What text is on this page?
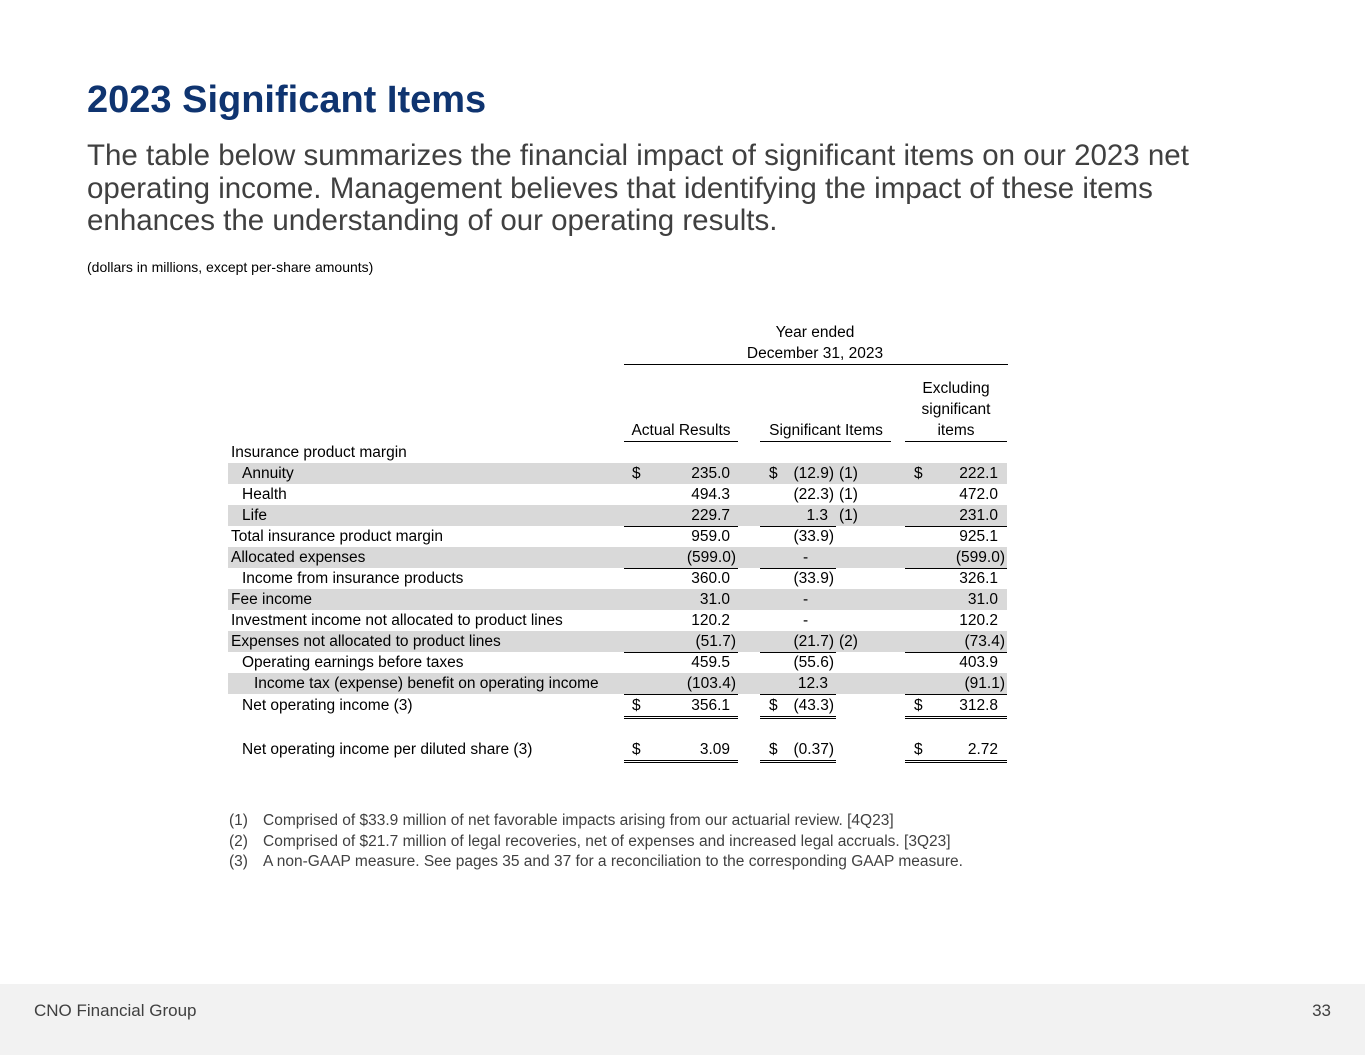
2023 Significant Items

The table below summarizes the financial impact of significant items on our 2023 net operating income. Management believes that identifying the impact of these items enhances the understanding of our operating results.

(dollars in millions, except per-share amounts)
Year ended
December 31, 2023
Excluding
significant
Actual Results	Significant Items	items
Insurance product margin
Annuity	$	235.0	$	(12.9) (1)	$	222.1
Health	494.3	(22.3) (1)	472.0
Life	229.7	1.3 (1)	231.0
Total insurance product margin	959.0	(33.9)	925.1
Allocated expenses	(599.0)	-	(599.0)
Income from insurance products	360.0	(33.9)	326.1
Fee income	31.0	-	31.0
Investment income not allocated to product lines	120.2	-	120.2
Expenses not allocated to product lines	(51.7)	(21.7) (2)	(73.4)
Operating earnings before taxes	459.5	(55.6)	403.9
Income tax (expense) benefit on operating income	(103.4)	12.3	(91.1)
Net operating income (3)	$	356.1	$	(43.3)	$	312.8
Net operating income per diluted share (3)	$	3.09	$	(0.37)	$	2.72
(1) Comprised of $33.9 million of net favorable impacts arising from our actuarial review. [4Q23]
(2) Comprised of $21.7 million of legal recoveries, net of expenses and increased legal accruals. [3Q23]
(3) A non-GAAP measure. See pages 35 and 37 for a reconciliation to the corresponding GAAP measure.
CNO Financial Group	33
